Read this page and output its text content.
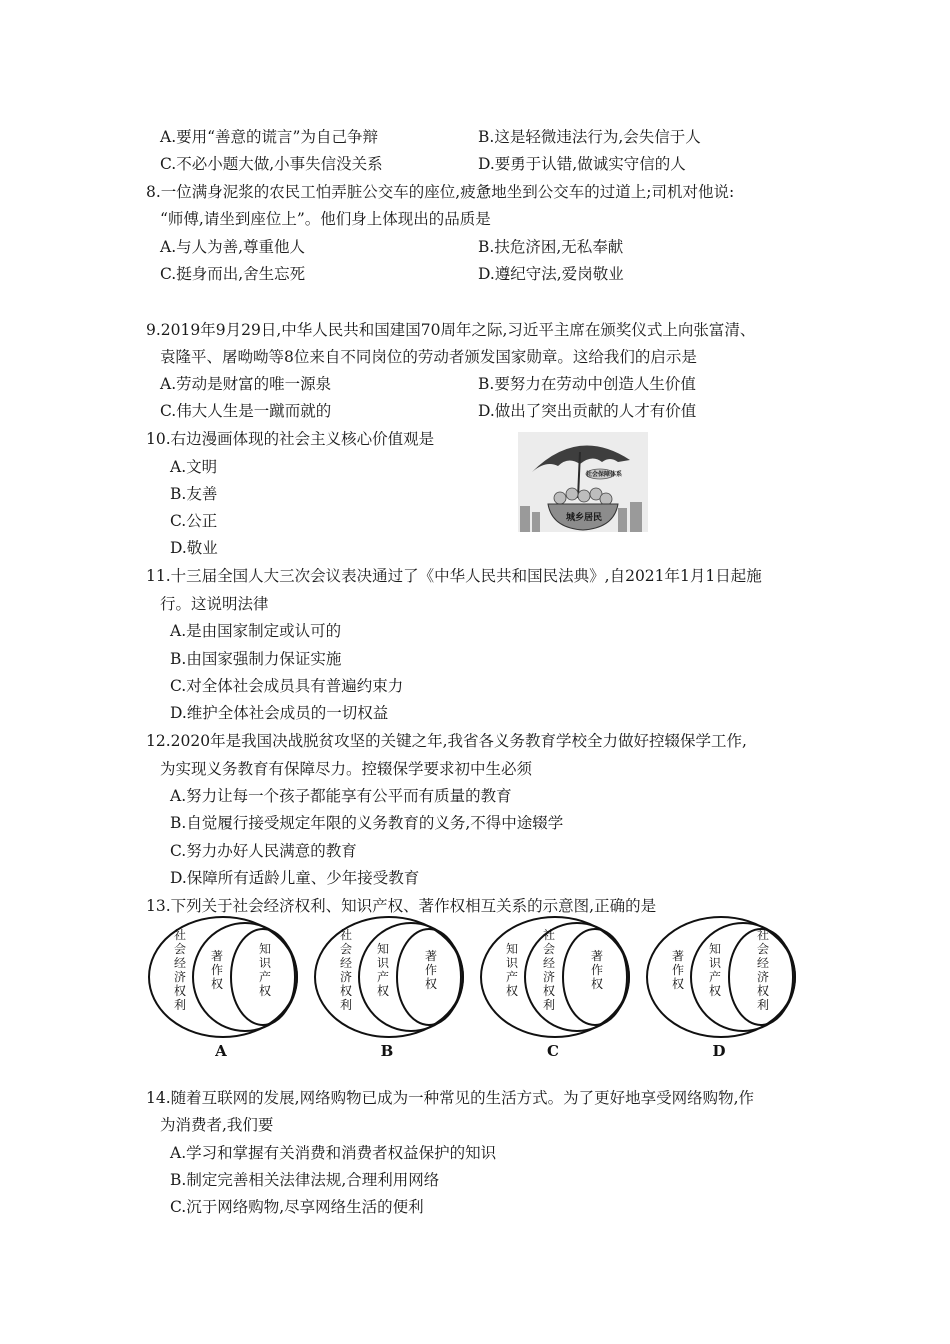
A.要用“善意的谎言”为自己争辩	B.这是轻微违法行为,会失信于人
C.不必小题大做,小事失信没关系	D.要勇于认错,做诚实守信的人
8.一位满身泥浆的农民工怕弄脏公交车的座位,疲惫地坐到公交车的过道上;司机对他说:
“师傅,请坐到座位上”。他们身上体现出的品质是
A.与人为善,尊重他人	B.扶危济困,无私奉献
C.挺身而出,舍生忘死	D.遵纪守法,爱岗敬业
9.2019年9月29日,中华人民共和国建国70周年之际,习近平主席在颁奖仪式上向张富清、
袁隆平、屠呦呦等8位来自不同岗位的劳动者颁发国家勋章。这给我们的启示是
A.劳动是财富的唯一源泉	B.要努力在劳动中创造人生价值
C.伟大人生是一蹴而就的	D.做出了突出贡献的人才有价值
10.右边漫画体现的社会主义核心价值观是
A.文明
B.友善
C.公正
D.敬业
社会保障体系
城乡居民
11.十三届全国人大三次会议表决通过了《中华人民共和国民法典》,自2021年1月1日起施
行。这说明法律
A.是由国家制定或认可的
B.由国家强制力保证实施
C.对全体社会成员具有普遍约束力
D.维护全体社会成员的一切权益
12.2020年是我国决战脱贫攻坚的关键之年,我省各义务教育学校全力做好控辍保学工作,
为实现义务教育有保障尽力。控辍保学要求初中生必须
A.努力让每一个孩子都能享有公平而有质量的教育
B.自觉履行接受规定年限的义务教育的义务,不得中途辍学
C.努力办好人民满意的教育
D.保障所有适龄儿童、少年接受教育
13.下列关于社会经济权利、知识产权、著作权相互关系的示意图,正确的是
社会经济权利
著作权
知识产权
A
社会经济权利
知识产权
著作权
B
知识产权
社会经济权利
著作权
C
著作权
知识产权
社会经济权利
D
14.随着互联网的发展,网络购物已成为一种常见的生活方式。为了更好地享受网络购物,作
为消费者,我们要
A.学习和掌握有关消费和消费者权益保护的知识
B.制定完善相关法律法规,合理利用网络
C.沉于网络购物,尽享网络生活的便利
